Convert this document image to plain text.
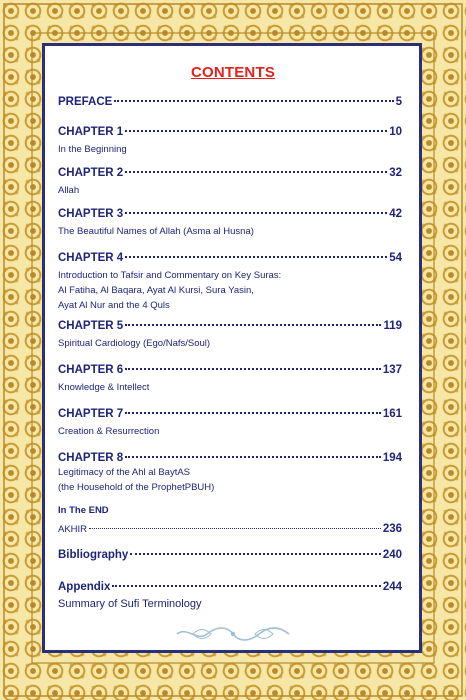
CONTENTS
PREFACE	5
CHAPTER 1	10
In the Beginning
CHAPTER 2	32
Allah
CHAPTER 3	42
The Beautiful Names of Allah (Asma al Husna)
CHAPTER 4	54
Introduction to Tafsir and Commentary on Key Suras:
Al Fatiha, Al Baqara, Ayat Al Kursi, Sura Yasin,
Ayat Al Nur and the 4 Quls
CHAPTER 5	119
Spiritual Cardiology (Ego/Nafs/Soul)
CHAPTER 6	137
Knowledge & Intellect
CHAPTER 7	161
Creation & Resurrection
CHAPTER 8	194
Legitimacy of the Ahl al BaytAS
(the Household of the ProphetPBUH)
In The END
AKHIR	236
Bibliography	240
Appendix	244
Summary of Sufi Terminology
